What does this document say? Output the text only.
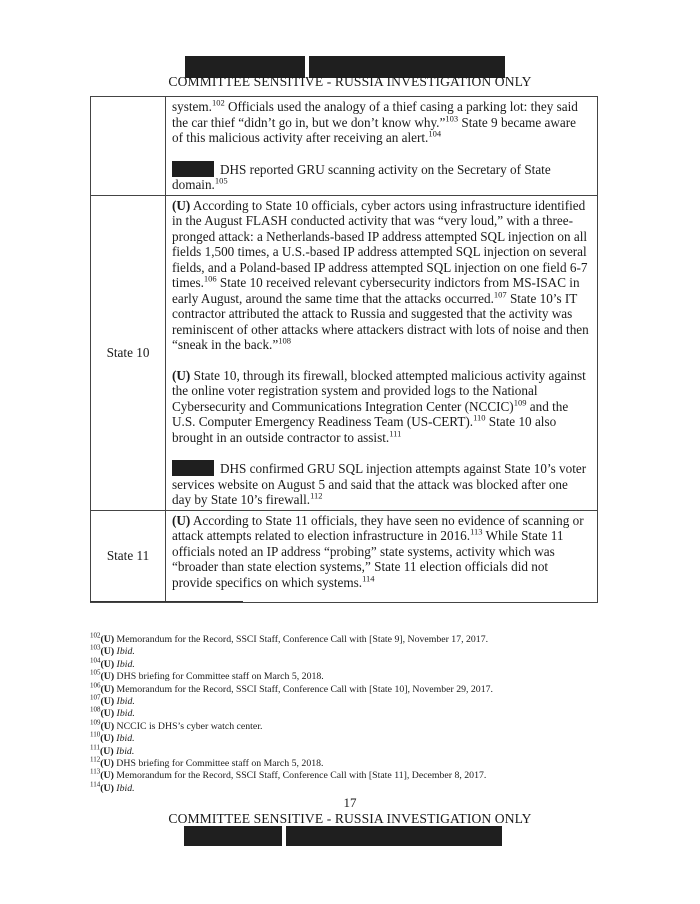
COMMITTEE SENSITIVE - RUSSIA INVESTIGATION ONLY

	system.$^{102}$ Officials used the analogy of a thief casing a parking lot: they said the car thief “didn’t go in, but we don’t know why.”$^{103}$ State 9 became aware of this malicious activity after receiving an alert.$^{104}$

DHS reported GRU scanning activity on the Secretary of State domain.$^{105}$

State 10	(U) According to State 10 officials, cyber actors using infrastructure identified in the August FLASH conducted activity that was “very loud,” with a three-pronged attack: a Netherlands-based IP address attempted SQL injection on all fields 1,500 times, a U.S.-based IP address attempted SQL injection on several fields, and a Poland-based IP address attempted SQL injection on one field 6-7 times.$^{106}$ State 10 received relevant cybersecurity indictors from MS-ISAC in early August, around the same time that the attacks occurred.$^{107}$ State 10’s IT contractor attributed the attack to Russia and suggested that the activity was reminiscent of other attacks where attackers distract with lots of noise and then “sneak in the back.”$^{108}$

(U) State 10, through its firewall, blocked attempted malicious activity against the online voter registration system and provided logs to the National Cybersecurity and Communications Integration Center (NCCIC)$^{109}$ and the U.S. Computer Emergency Readiness Team (US-CERT).$^{110}$ State 10 also brought in an outside contractor to assist.$^{111}$

DHS confirmed GRU SQL injection attempts against State 10’s voter services website on August 5 and said that the attack was blocked after one day by State 10’s firewall.$^{112}$

State 11	(U) According to State 11 officials, they have seen no evidence of scanning or attack attempts related to election infrastructure in 2016.$^{113}$ While State 11 officials noted an IP address “probing” state systems, activity which was “broader than state election systems,” State 11 election officials did not provide specifics on which systems.$^{114}$

$^{102}$(U) Memorandum for the Record, SSCI Staff, Conference Call with [State 9], November 17, 2017.
$^{103}$(U) Ibid.
$^{104}$(U) Ibid.
$^{105}$(U) DHS briefing for Committee staff on March 5, 2018.
$^{106}$(U) Memorandum for the Record, SSCI Staff, Conference Call with [State 10], November 29, 2017.
$^{107}$(U) Ibid.
$^{108}$(U) Ibid.
$^{109}$(U) NCCIC is DHS’s cyber watch center.
$^{110}$(U) Ibid.
$^{111}$(U) Ibid.
$^{112}$(U) DHS briefing for Committee staff on March 5, 2018.
$^{113}$(U) Memorandum for the Record, SSCI Staff, Conference Call with [State 11], December 8, 2017.
$^{114}$(U) Ibid.
17
COMMITTEE SENSITIVE - RUSSIA INVESTIGATION ONLY
